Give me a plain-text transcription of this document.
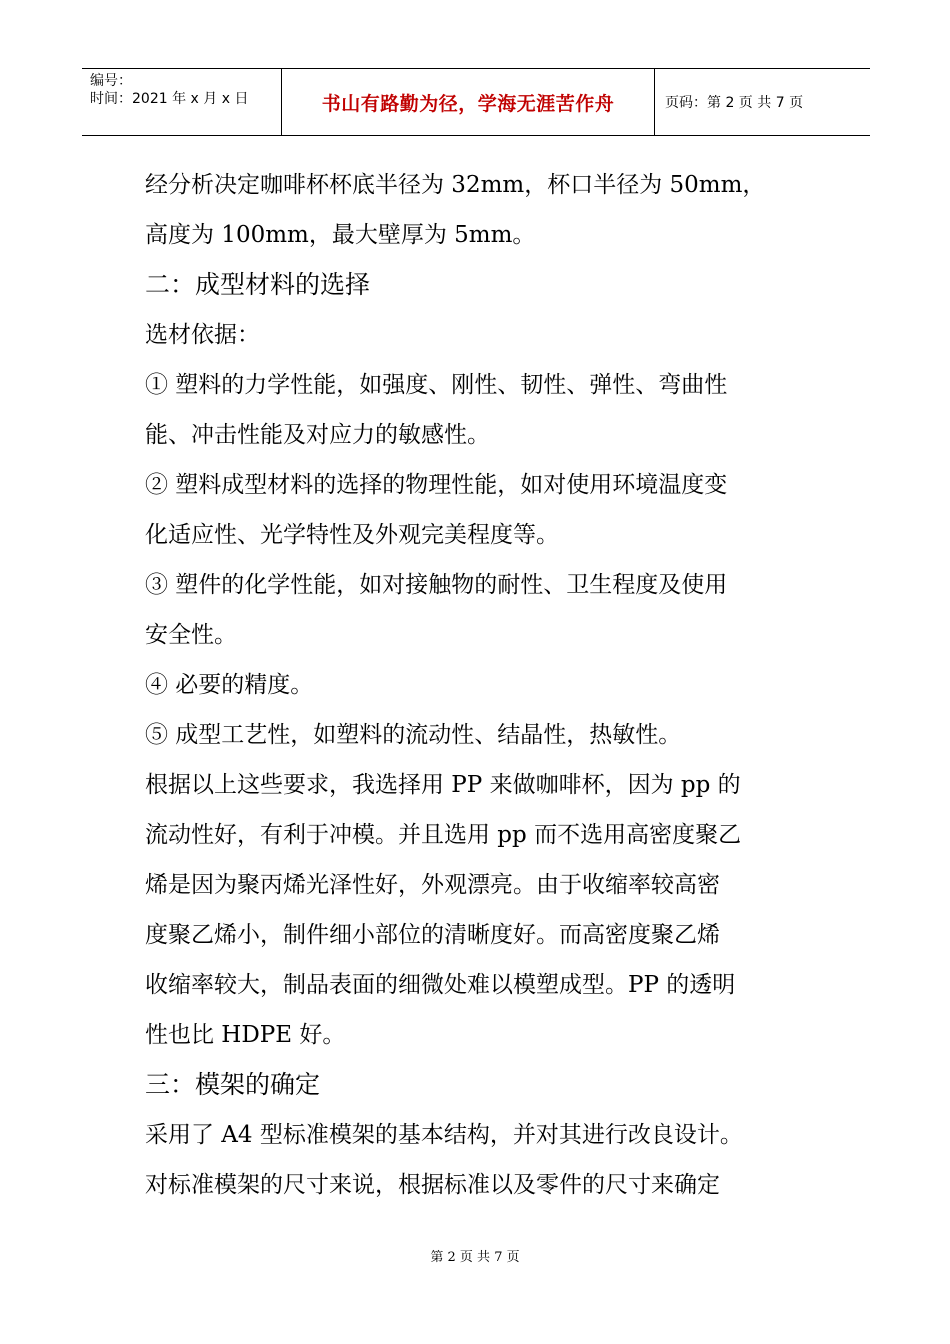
编号：
时间：2021 年 x 月 x 日	书山有路勤为径，学海无涯苦作舟	页码：第 2 页 共 7 页

经分析决定咖啡杯杯底半径为 32mm，杯口半径为 50mm，

高度为 100mm，最大壁厚为 5mm。

二：成型材料的选择

选材依据：

① 塑料的力学性能，如强度、刚性、韧性、弹性、弯曲性

能、冲击性能及对应力的敏感性。

② 塑料成型材料的选择的物理性能，如对使用环境温度变

化适应性、光学特性及外观完美程度等。

③ 塑件的化学性能，如对接触物的耐性、卫生程度及使用

安全性。

④ 必要的精度。

⑤ 成型工艺性，如塑料的流动性、结晶性，热敏性。

根据以上这些要求，我选择用 PP 来做咖啡杯，因为 pp 的

流动性好，有利于冲模。并且选用 pp 而不选用高密度聚乙

烯是因为聚丙烯光泽性好，外观漂亮。由于收缩率较高密

度聚乙烯小，制件细小部位的清晰度好。而高密度聚乙烯

收缩率较大，制品表面的细微处难以模塑成型。PP 的透明

性也比 HDPE 好。

三：模架的确定

采用了 A4 型标准模架的基本结构，并对其进行改良设计。

对标准模架的尺寸来说，根据标准以及零件的尺寸来确定

第 2 页 共 7 页
